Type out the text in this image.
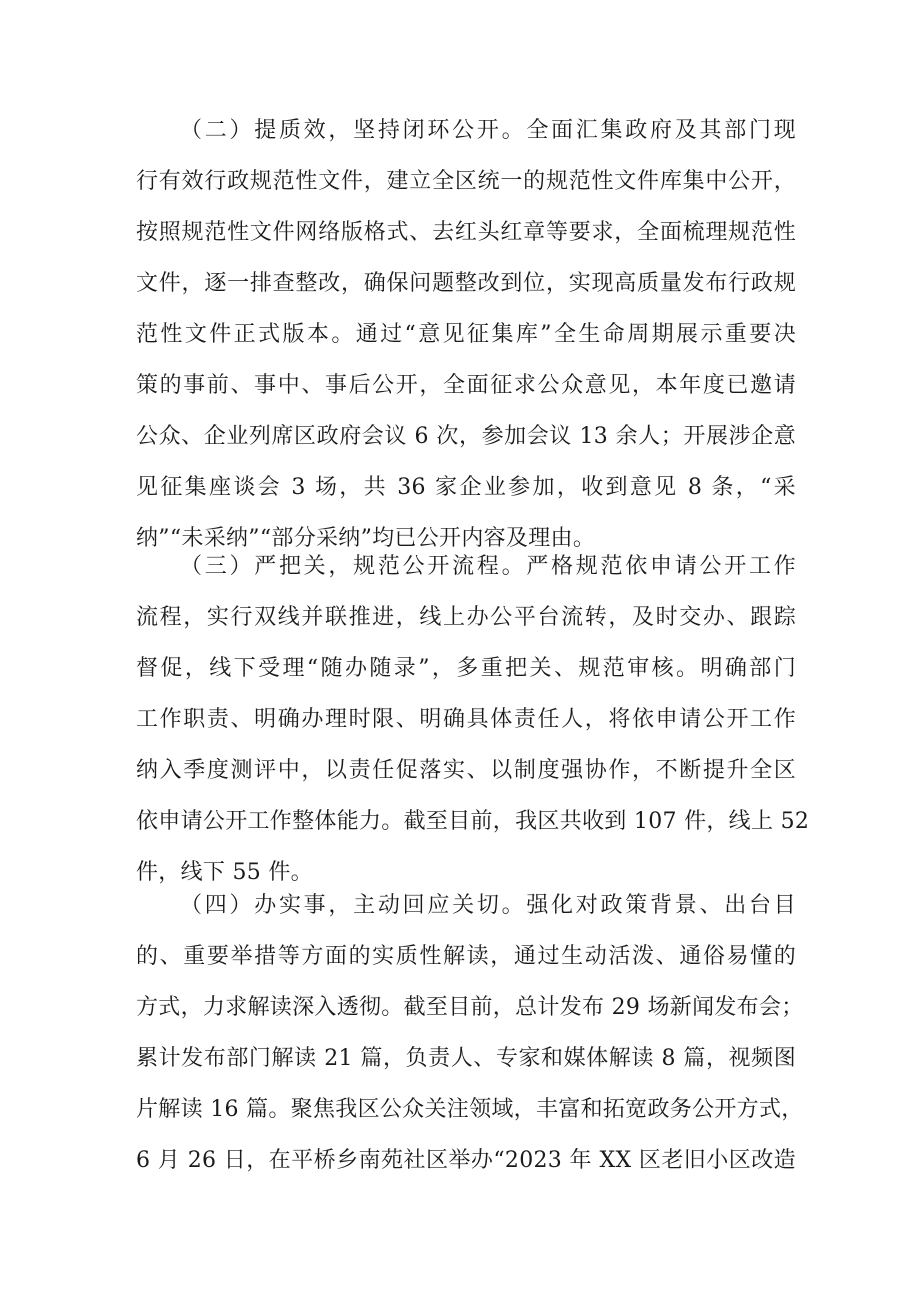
（二）提质效，坚持闭环公开。全面汇集政府及其部门现
行有效行政规范性文件，建立全区统一的规范性文件库集中公开，
按照规范性文件网络版格式、去红头红章等要求，全面梳理规范性
文件，逐一排查整改，确保问题整改到位，实现高质量发布行政规
范性文件正式版本。通过“意见征集库”全生命周期展示重要决
策的事前、事中、事后公开，全面征求公众意见，本年度已邀请
公众、企业列席区政府会议 6 次，参加会议 13 余人；开展涉企意
见征集座谈会 3 场，共 36 家企业参加，收到意见 8 条，“采
纳”“未采纳”“部分采纳”均已公开内容及理由。
（三）严把关，规范公开流程。严格规范依申请公开工作
流程，实行双线并联推进，线上办公平台流转，及时交办、跟踪
督促，线下受理“随办随录”，多重把关、规范审核。明确部门
工作职责、明确办理时限、明确具体责任人，将依申请公开工作
纳入季度测评中，以责任促落实、以制度强协作，不断提升全区
依申请公开工作整体能力。截至目前，我区共收到 107 件，线上 52
件，线下 55 件。
（四）办实事，主动回应关切。强化对政策背景、出台目
的、重要举措等方面的实质性解读，通过生动活泼、通俗易懂的
方式，力求解读深入透彻。截至目前，总计发布 29 场新闻发布会；
累计发布部门解读 21 篇，负责人、专家和媒体解读 8 篇，视频图
片解读 16 篇。聚焦我区公众关注领域，丰富和拓宽政务公开方式，
6 月 26 日，在平桥乡南苑社区举办“2023 年 XX 区老旧小区改造
